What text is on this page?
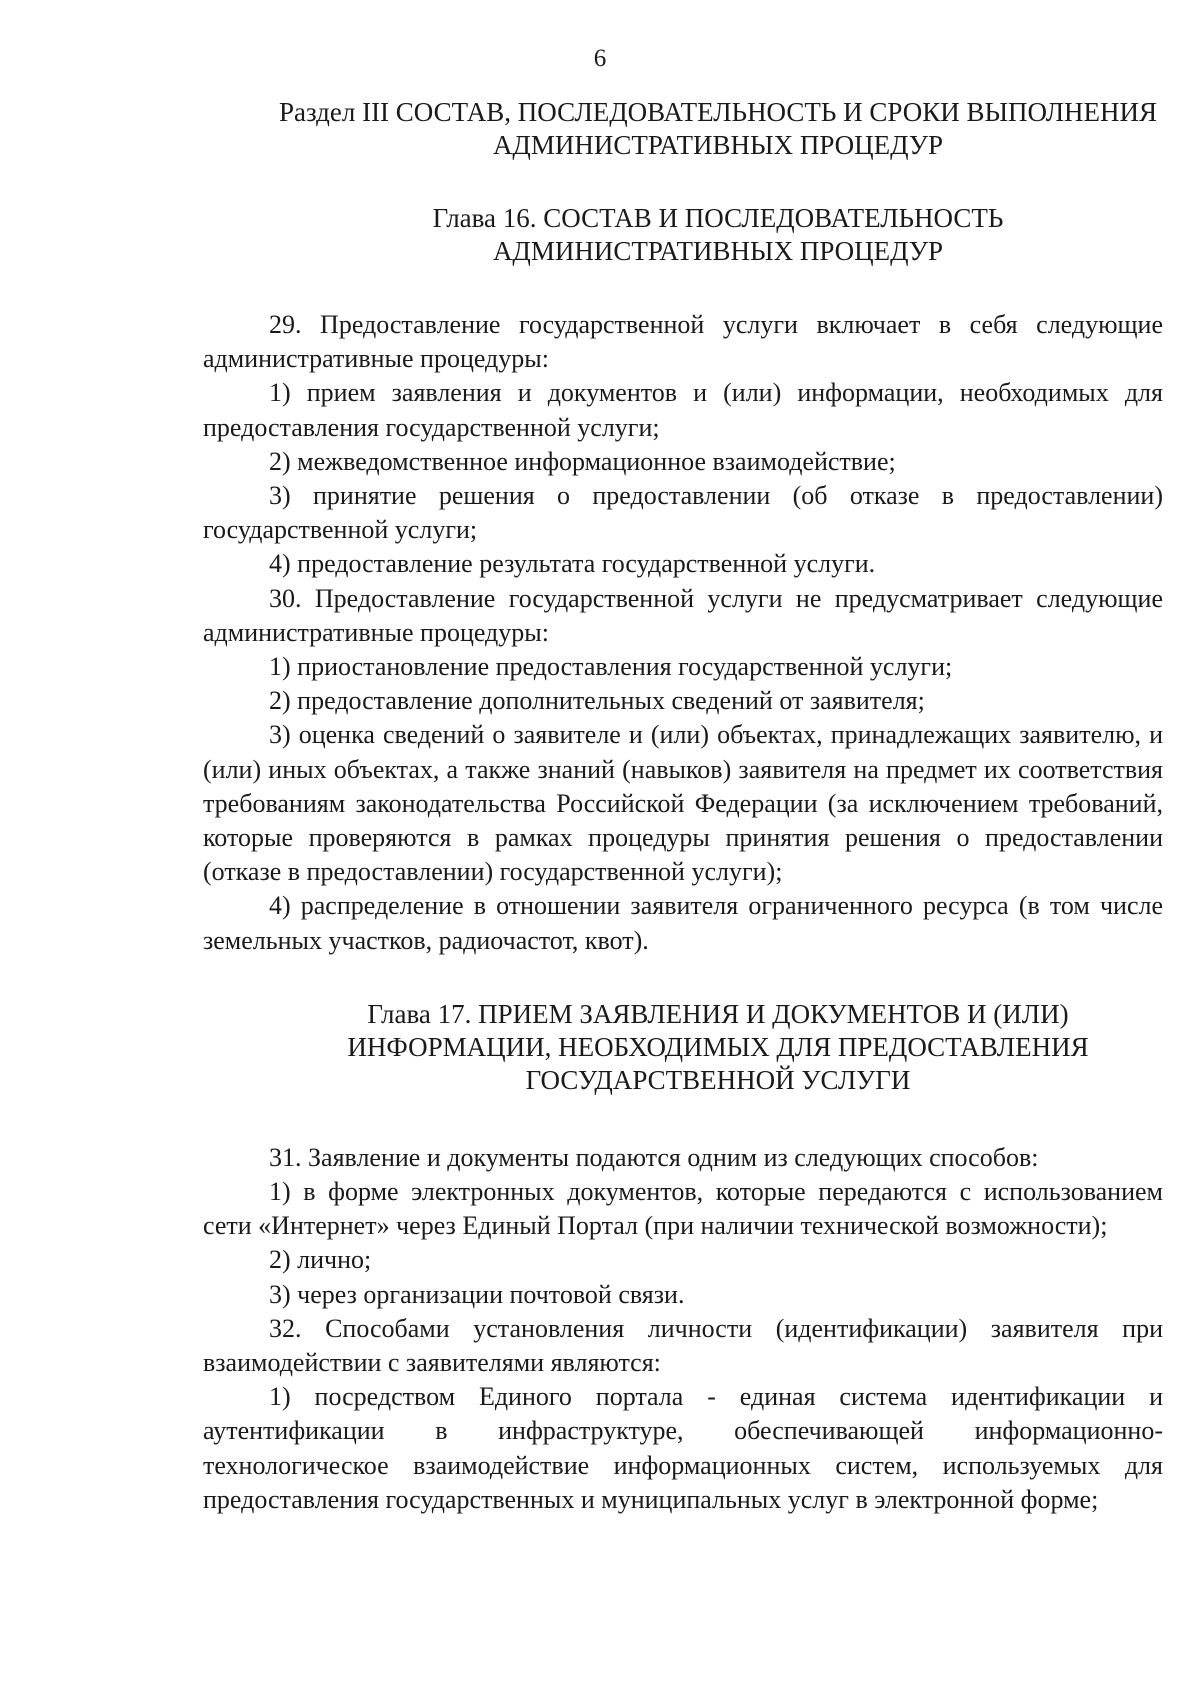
6
Раздел III СОСТАВ, ПОСЛЕДОВАТЕЛЬНОСТЬ И СРОКИ ВЫПОЛНЕНИЯ
АДМИНИСТРАТИВНЫХ ПРОЦЕДУР
Глава 16. СОСТАВ И ПОСЛЕДОВАТЕЛЬНОСТЬ
АДМИНИСТРАТИВНЫХ ПРОЦЕДУР

29. Предоставление государственной услуги включает в себя следующие административные процедуры:

1) прием заявления и документов и (или) информации, необходимых для предоставления государственной услуги;

2) межведомственное информационное взаимодействие;

3) принятие решения о предоставлении (об отказе в предоставлении) государственной услуги;

4) предоставление результата государственной услуги.

30. Предоставление государственной услуги не предусматривает следующие административные процедуры:

1) приостановление предоставления государственной услуги;

2) предоставление дополнительных сведений от заявителя;

3) оценка сведений о заявителе и (или) объектах, принадлежащих заявителю, и (или) иных объектах, а также знаний (навыков) заявителя на предмет их соответствия требованиям законодательства Российской Федерации (за исключением требований, которые проверяются в рамках процедуры принятия решения о предоставлении (отказе в предоставлении) государственной услуги);

4) распределение в отношении заявителя ограниченного ресурса (в том числе земельных участков, радиочастот, квот).

Глава 17. ПРИЕМ ЗАЯВЛЕНИЯ И ДОКУМЕНТОВ И (ИЛИ)
ИНФОРМАЦИИ, НЕОБХОДИМЫХ ДЛЯ ПРЕДОСТАВЛЕНИЯ
ГОСУДАРСТВЕННОЙ УСЛУГИ

31. Заявление и документы подаются одним из следующих способов:

1) в форме электронных документов, которые передаются с использованием сети «Интернет» через Единый Портал (при наличии технической возможности);

2) лично;

3) через организации почтовой связи.

32. Способами установления личности (идентификации) заявителя при взаимодействии с заявителями являются:

1) посредством Единого портала - единая система идентификации и аутентификации в инфраструктуре, обеспечивающей информационно-технологическое взаимодействие информационных систем, используемых для предоставления государственных и муниципальных услуг в электронной форме;
